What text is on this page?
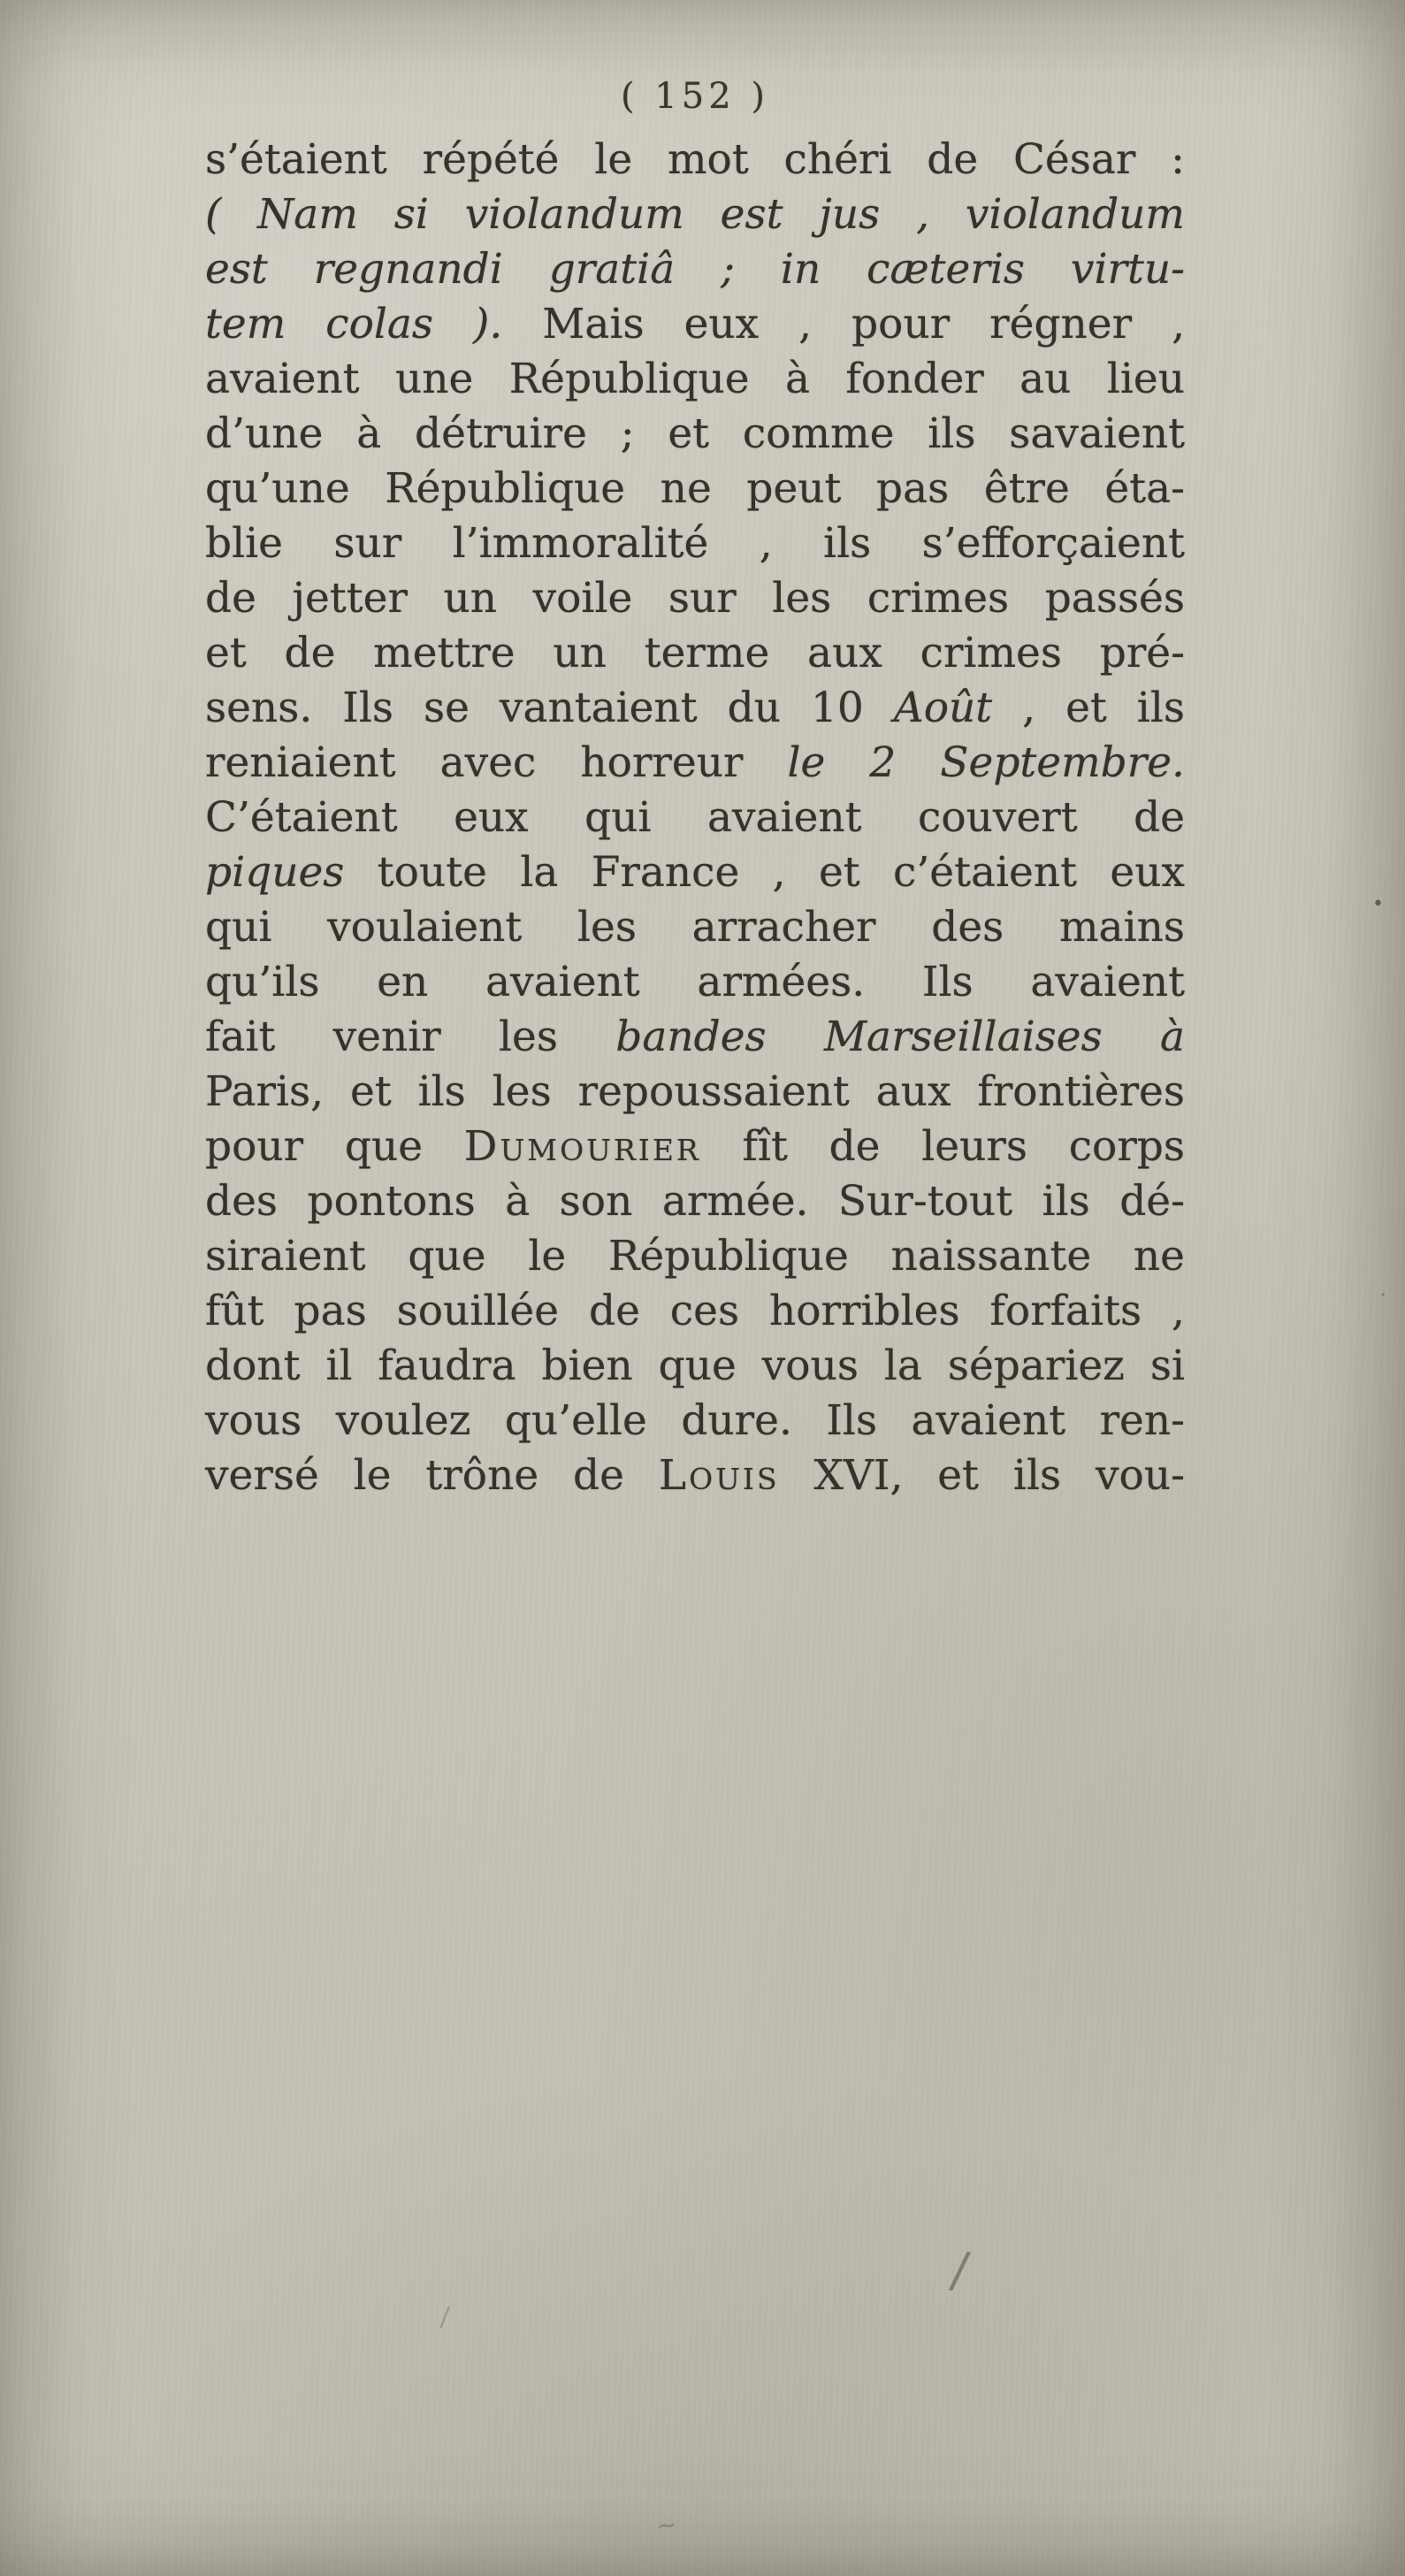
( 152 )
s’étaient répété le mot chéri de César :
( Nam si violandum est jus , violandum
est regnandi gratiâ ; in cæteris virtu-
tem colas ). Mais eux , pour régner ,
avaient une République à fonder au lieu
d’une à détruire ; et comme ils savaient
qu’une République ne peut pas être éta-
blie sur l’immoralité , ils s’efforçaient
de jetter un voile sur les crimes passés
et de mettre un terme aux crimes pré-
sens. Ils se vantaient du 10 Août , et ils
reniaient avec horreur le 2 Septembre.
C’étaient eux qui avaient couvert de
piques toute la France , et c’étaient eux
qui voulaient les arracher des mains
qu’ils en avaient armées. Ils avaient
fait venir les bandes Marseillaises à
Paris, et ils les repoussaient aux frontières
pour que Dumourier fît de leurs corps
des pontons à son armée. Sur-tout ils dé-
siraient que le République naissante ne
fût pas souillée de ces horribles forfaits ,
dont il faudra bien que vous la sépariez si
vous voulez qu’elle dure. Ils avaient ren-
versé le trône de Louis XVI, et ils vou-
/
/
•
·
~
